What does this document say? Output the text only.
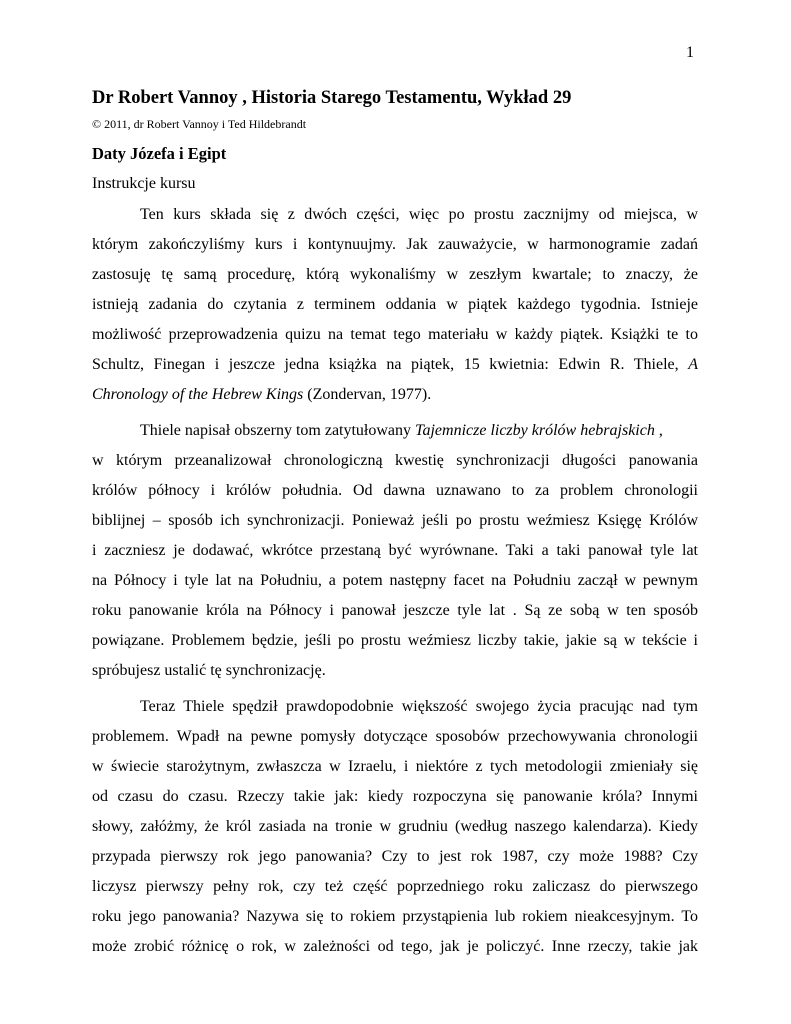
1
Dr Robert Vannoy , Historia Starego Testamentu, Wykład 29
© 2011, dr Robert Vannoy i Ted Hildebrandt
Daty Józefa i Egipt
Instrukcje kursu

Ten kurs składa się z dwóch części, więc po prostu zacznijmy od miejsca, w
którym zakończyliśmy kurs i kontynuujmy. Jak zauważycie, w harmonogramie zadań
zastosuję tę samą procedurę, którą wykonaliśmy w zeszłym kwartale; to znaczy, że
istnieją zadania do czytania z terminem oddania w piątek każdego tygodnia. Istnieje
możliwość przeprowadzenia quizu na temat tego materiału w każdy piątek. Książki te to
Schultz, Finegan i jeszcze jedna książka na piątek, 15 kwietnia: Edwin R. Thiele, A
Chronology of the Hebrew Kings (Zondervan, 1977).

Thiele napisał obszerny tom zatytułowany Tajemnicze liczby królów hebrajskich ,
w którym przeanalizował chronologiczną kwestię synchronizacji długości panowania
królów północy i królów południa. Od dawna uznawano to za problem chronologii
biblijnej – sposób ich synchronizacji. Ponieważ jeśli po prostu weźmiesz Księgę Królów
i zaczniesz je dodawać, wkrótce przestaną być wyrównane. Taki a taki panował tyle lat
na Północy i tyle lat na Południu, a potem następny facet na Południu zaczął w pewnym
roku panowanie króla na Północy i panował jeszcze tyle lat . Są ze sobą w ten sposób
powiązane. Problemem będzie, jeśli po prostu weźmiesz liczby takie, jakie są w tekście i
spróbujesz ustalić tę synchronizację.

Teraz Thiele spędził prawdopodobnie większość swojego życia pracując nad tym
problemem. Wpadł na pewne pomysły dotyczące sposobów przechowywania chronologii
w świecie starożytnym, zwłaszcza w Izraelu, i niektóre z tych metodologii zmieniały się
od czasu do czasu. Rzeczy takie jak: kiedy rozpoczyna się panowanie króla? Innymi
słowy, załóżmy, że król zasiada na tronie w grudniu (według naszego kalendarza). Kiedy
przypada pierwszy rok jego panowania? Czy to jest rok 1987, czy może 1988? Czy
liczysz pierwszy pełny rok, czy też część poprzedniego roku zaliczasz do pierwszego
roku jego panowania? Nazywa się to rokiem przystąpienia lub rokiem nieakcesyjnym. To
może zrobić różnicę o rok, w zależności od tego, jak je policzyć. Inne rzeczy, takie jak
